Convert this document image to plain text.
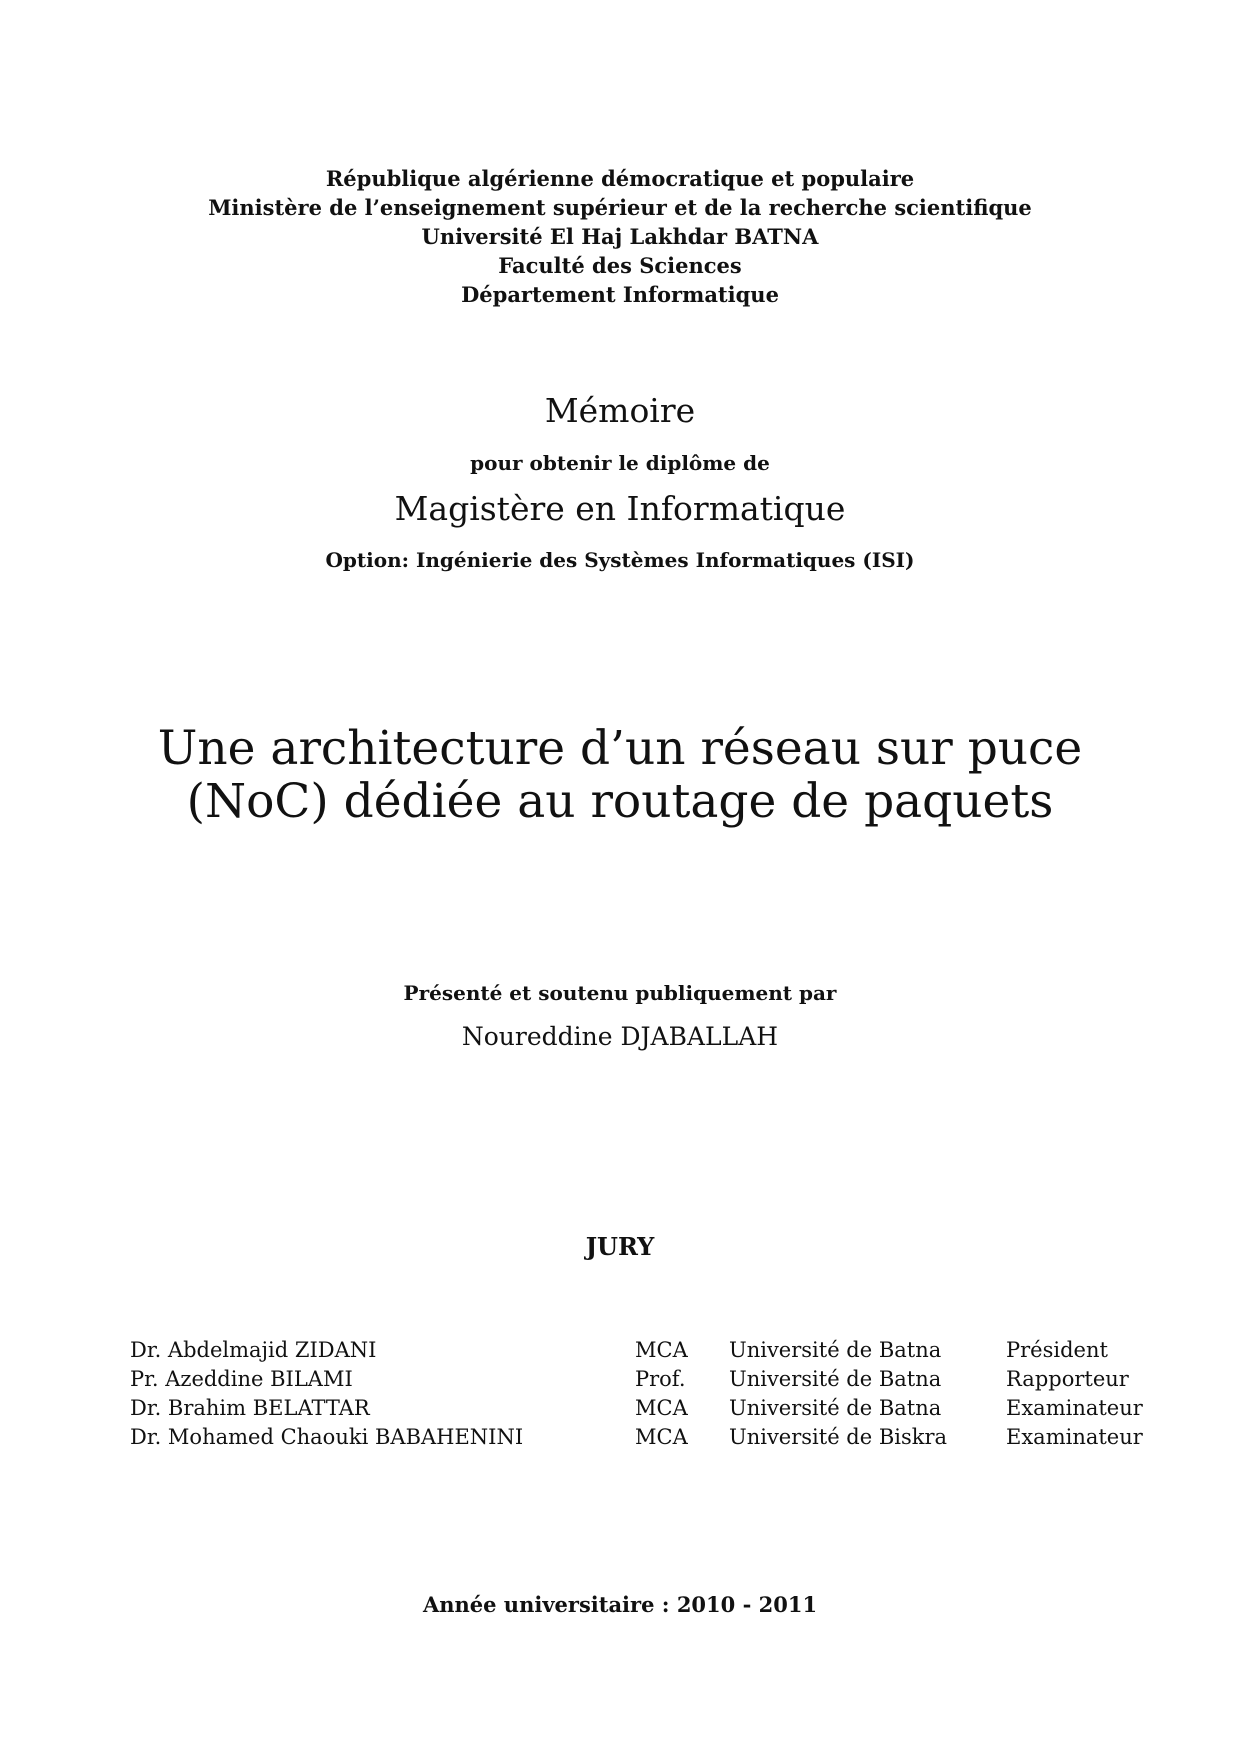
République algérienne démocratique et populaire
Ministère de l’enseignement supérieur et de la recherche scientifique
Université El Haj Lakhdar BATNA
Faculté des Sciences
Département Informatique
Mémoire
pour obtenir le diplôme de
Magistère en Informatique
Option: Ingénierie des Systèmes Informatiques (ISI)
Une architecture d’un réseau sur puce
(NoC) dédiée au routage de paquets
Présenté et soutenu publiquement par
Noureddine DJABALLAH
JURY
Dr. Abdelmajid ZIDANI	MCA	Université de Batna	Président
Pr. Azeddine BILAMI	Prof.	Université de Batna	Rapporteur
Dr. Brahim BELATTAR	MCA	Université de Batna	Examinateur
Dr. Mohamed Chaouki BABAHENINI	MCA	Université de Biskra	Examinateur
Année universitaire : 2010 - 2011
